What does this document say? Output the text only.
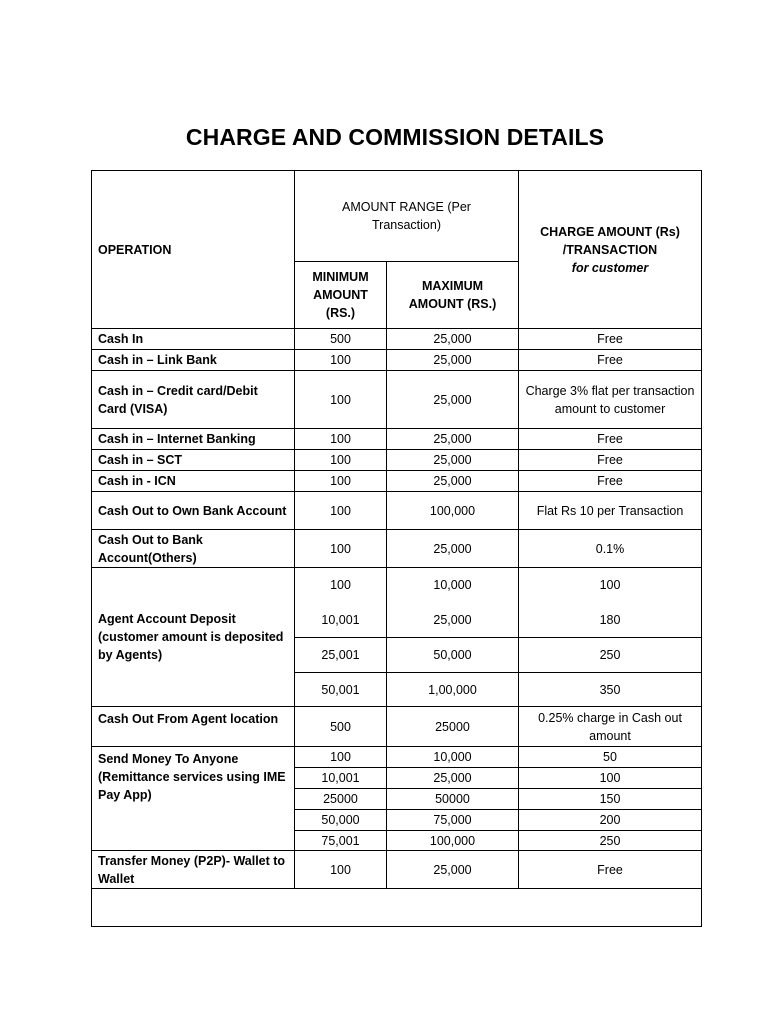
CHARGE AND COMMISSION DETAILS
OPERATION	AMOUNT RANGE (Per Transaction)		CHARGE AMOUNT (Rs) /TRANSACTION
for customer

	MINIMUM AMOUNT (RS.)	MAXIMUM AMOUNT (RS.)	
Cash In	500	25,000	Free
Cash in – Link Bank	100	25,000	Free
Cash in – Credit card/Debit Card (VISA)	100	25,000	Charge 3% flat per transaction amount to customer
Cash in – Internet Banking	100	25,000	Free
Cash in – SCT	100	25,000	Free
Cash in - ICN	100	25,000	Free
Cash Out to Own Bank Account	100	100,000	Flat Rs 10 per Transaction
Cash Out to Bank Account(Others)	100	25,000	0.1%
Agent Account Deposit (customer amount is deposited by Agents)	100	10,000	100
	10,001	25,000	180
	25,001	50,000	250
	50,001	1,00,000	350
Cash Out From Agent location	500	25000	0.25% charge in Cash out amount
Send Money To Anyone (Remittance services using IME Pay App)	100	10,000	50
	10,001	25,000	100
	25000	50000	150
	50,000	75,000	200
	75,001	100,000	250
Transfer Money (P2P)- Wallet to Wallet	100	25,000	Free
